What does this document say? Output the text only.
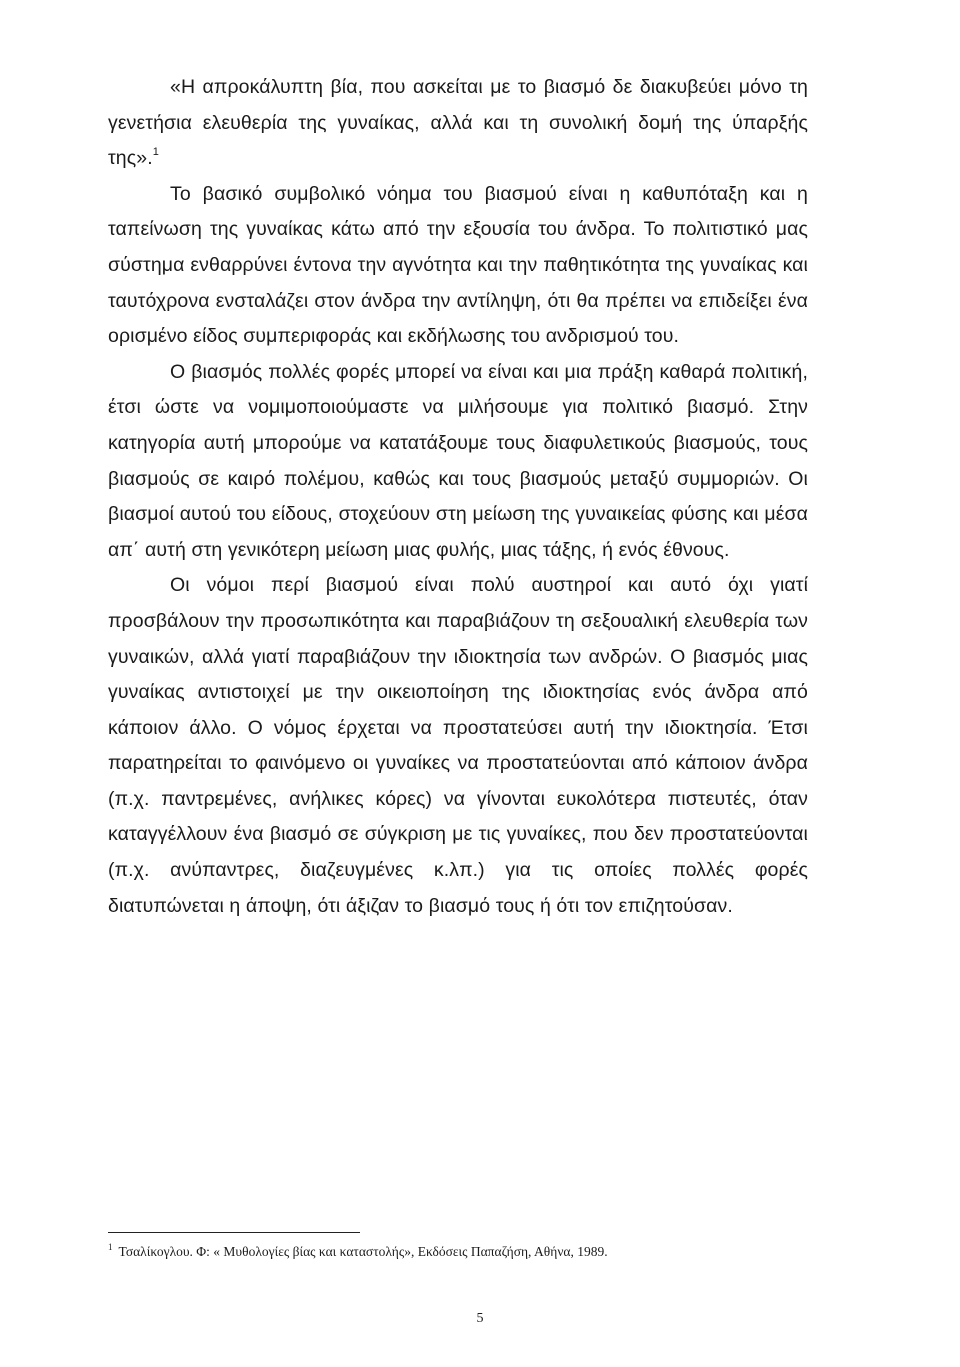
«Η απροκάλυπτη βία, που ασκείται με το βιασμό δε διακυβεύει μόνο τη γενετήσια ελευθερία της γυναίκας, αλλά και τη συνολική δομή της ύπαρξής της».$^1$

Το βασικό συμβολικό νόημα του βιασμού είναι η καθυπόταξη και η ταπείνωση της γυναίκας κάτω από την εξουσία του άνδρα. Το πολιτιστικό μας σύστημα ενθαρρύνει έντονα την αγνότητα και την παθητικότητα της γυναίκας και ταυτόχρονα ενσταλάζει στον άνδρα την αντίληψη, ότι θα πρέπει να επιδείξει ένα ορισμένο είδος συμπεριφοράς και εκδήλωσης του ανδρισμού του.

Ο βιασμός πολλές φορές μπορεί να είναι και μια πράξη καθαρά πολιτική, έτσι ώστε να νομιμοποιούμαστε να μιλήσουμε για πολιτικό βιασμό. Στην κατηγορία αυτή μπορούμε να κατατάξουμε τους διαφυλετικούς βιασμούς, τους βιασμούς σε καιρό πολέμου, καθώς και τους βιασμούς μεταξύ συμμοριών. Οι βιασμοί αυτού του είδους, στοχεύουν στη μείωση της γυναικείας φύσης και μέσα απ΄ αυτή στη γενικότερη μείωση μιας φυλής, μιας τάξης, ή ενός έθνους.

Οι νόμοι περί βιασμού είναι πολύ αυστηροί και αυτό όχι γιατί προσβάλουν την προσωπικότητα και παραβιάζουν τη σεξουαλική ελευθερία των γυναικών, αλλά γιατί παραβιάζουν την ιδιοκτησία των ανδρών. Ο βιασμός μιας γυναίκας αντιστοιχεί με την οικειοποίηση της ιδιοκτησίας ενός άνδρα από κάποιον άλλο. Ο νόμος έρχεται να προστατεύσει αυτή την ιδιοκτησία. Έτσι παρατηρείται το φαινόμενο οι γυναίκες να προστατεύονται από κάποιον άνδρα (π.χ. παντρεμένες, ανήλικες κόρες) να γίνονται ευκολότερα πιστευτές, όταν καταγγέλλουν ένα βιασμό σε σύγκριση με τις γυναίκες, που δεν προστατεύονται (π.χ. ανύπαντρες, διαζευγμένες κ.λπ.) για τις οποίες πολλές φορές διατυπώνεται η άποψη, ότι άξιζαν το βιασμό τους ή ότι τον επιζητούσαν.

$^1$ Τσαλίκογλου. Φ: « Μυθολογίες βίας και καταστολής», Εκδόσεις Παπαζήση, Αθήνα, 1989.
5
